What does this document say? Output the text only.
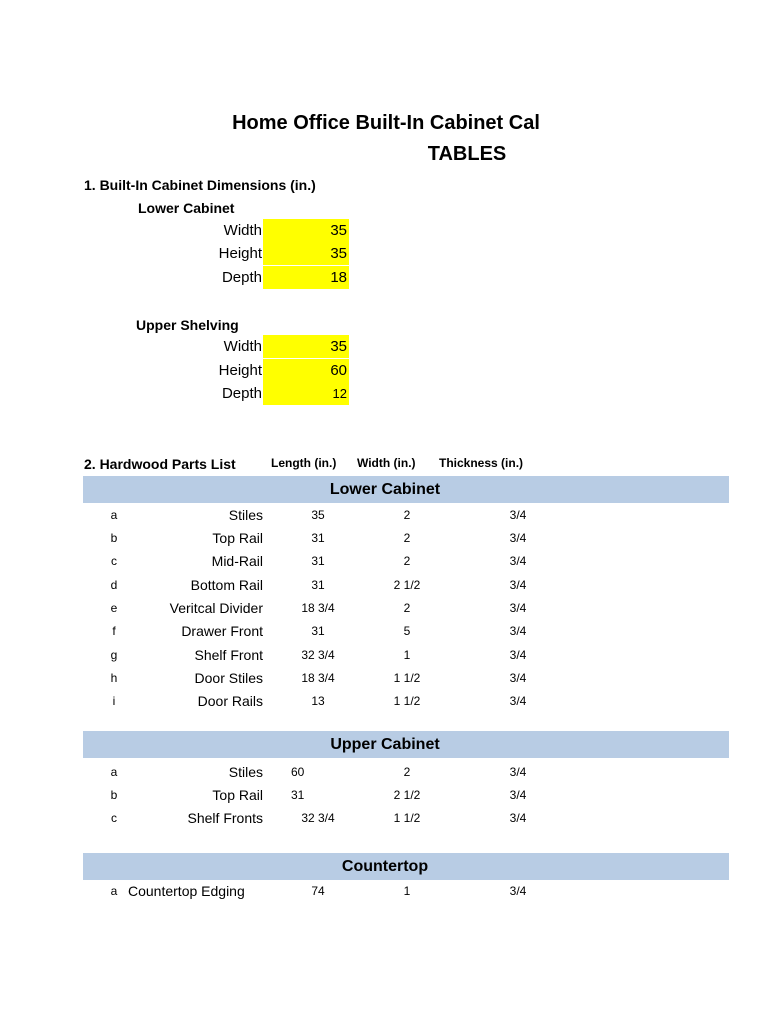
Home Office Built-In Cabinet Cal
TABLES
1. Built-In Cabinet Dimensions (in.)
Lower Cabinet
Width	35
Height	35
Depth	18
Upper Shelving
Width	35
Height	60
Depth	12
2. Hardwood Parts List	Length (in.) Width (in.) Thickness (in.)
Lower Cabinet
a	Stiles	35	2	3/4
b	Top Rail	31	2	3/4
c	Mid-Rail	31	2	3/4
d	Bottom Rail	31	2 1/2	3/4
e	Veritcal Divider	18 3/4	2	3/4
f	Drawer Front	31	5	3/4
g	Shelf Front	32 3/4	1	3/4
h	Door Stiles	18 3/4	1 1/2	3/4
i	Door Rails	13	1 1/2	3/4
Upper Cabinet
a	Stiles 60	2	3/4
b	Top Rail 31	2 1/2	3/4
c	Shelf Fronts	32 3/4	1 1/2	3/4
Countertop
a Countertop Edging	74	1	3/4
